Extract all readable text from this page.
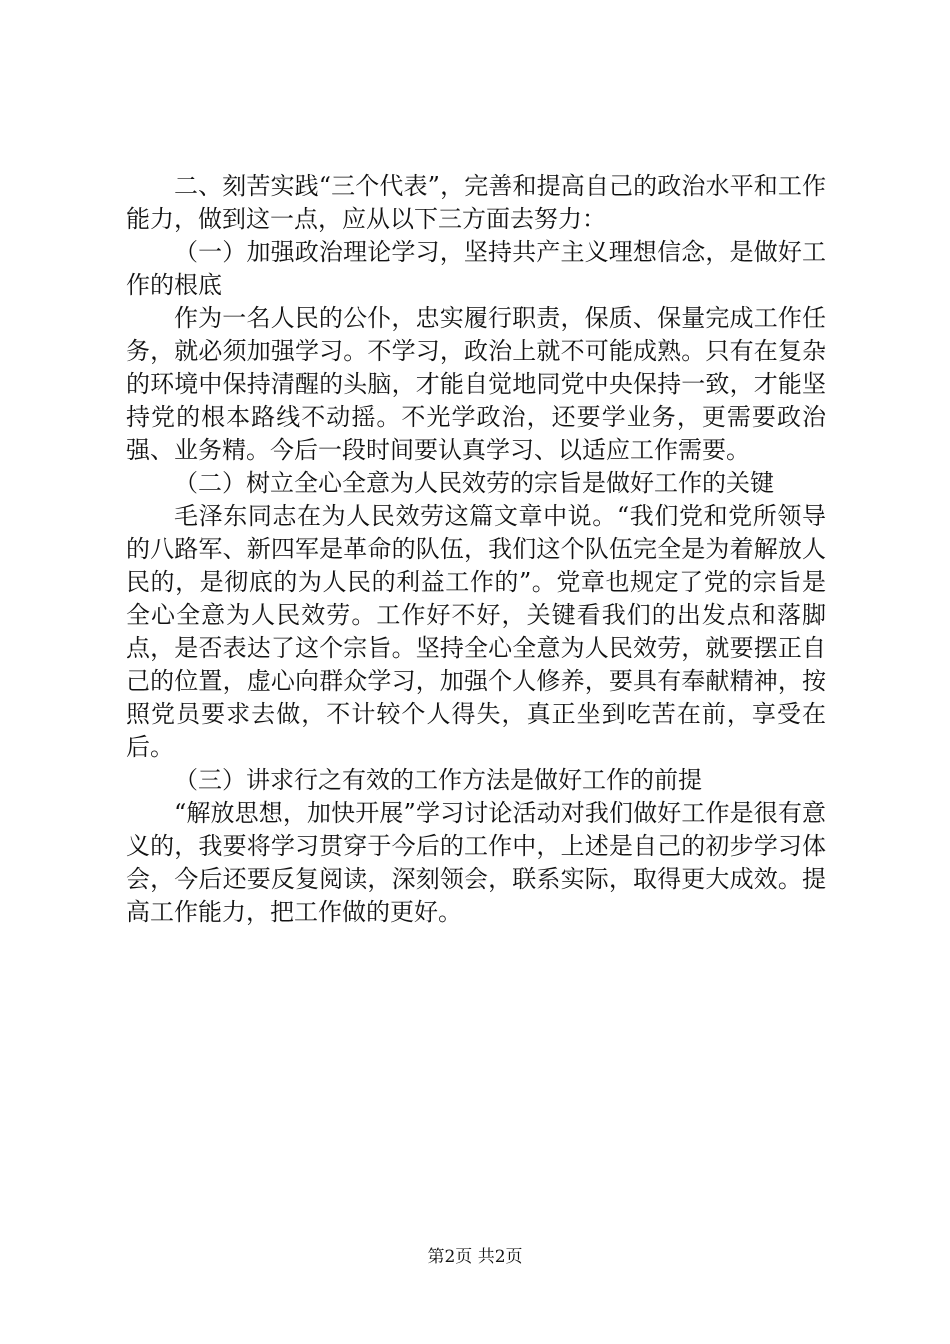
二、刻苦实践“三个代表”，完善和提高自己的政治水平和工作能力，做到这一点，应从以下三方面去努力：

（一）加强政治理论学习，坚持共产主义理想信念，是做好工作的根底

作为一名人民的公仆，忠实履行职责，保质、保量完成工作任务，就必须加强学习。不学习，政治上就不可能成熟。只有在复杂的环境中保持清醒的头脑，才能自觉地同党中央保持一致，才能坚持党的根本路线不动摇。不光学政治，还要学业务，更需要政治强、业务精。今后一段时间要认真学习、以适应工作需要。

（二）树立全心全意为人民效劳的宗旨是做好工作的关键

毛泽东同志在为人民效劳这篇文章中说。“我们党和党所领导的八路军、新四军是革命的队伍，我们这个队伍完全是为着解放人民的，是彻底的为人民的利益工作的”。党章也规定了党的宗旨是全心全意为人民效劳。工作好不好，关键看我们的出发点和落脚点，是否表达了这个宗旨。坚持全心全意为人民效劳，就要摆正自己的位置，虚心向群众学习，加强个人修养，要具有奉献精神，按照党员要求去做，不计较个人得失，真正坐到吃苦在前，享受在后。

（三）讲求行之有效的工作方法是做好工作的前提

“解放思想，加快开展”学习讨论活动对我们做好工作是很有意义的，我要将学习贯穿于今后的工作中，上述是自己的初步学习体会，今后还要反复阅读，深刻领会，联系实际，取得更大成效。提高工作能力，把工作做的更好。

第2页 共2页
